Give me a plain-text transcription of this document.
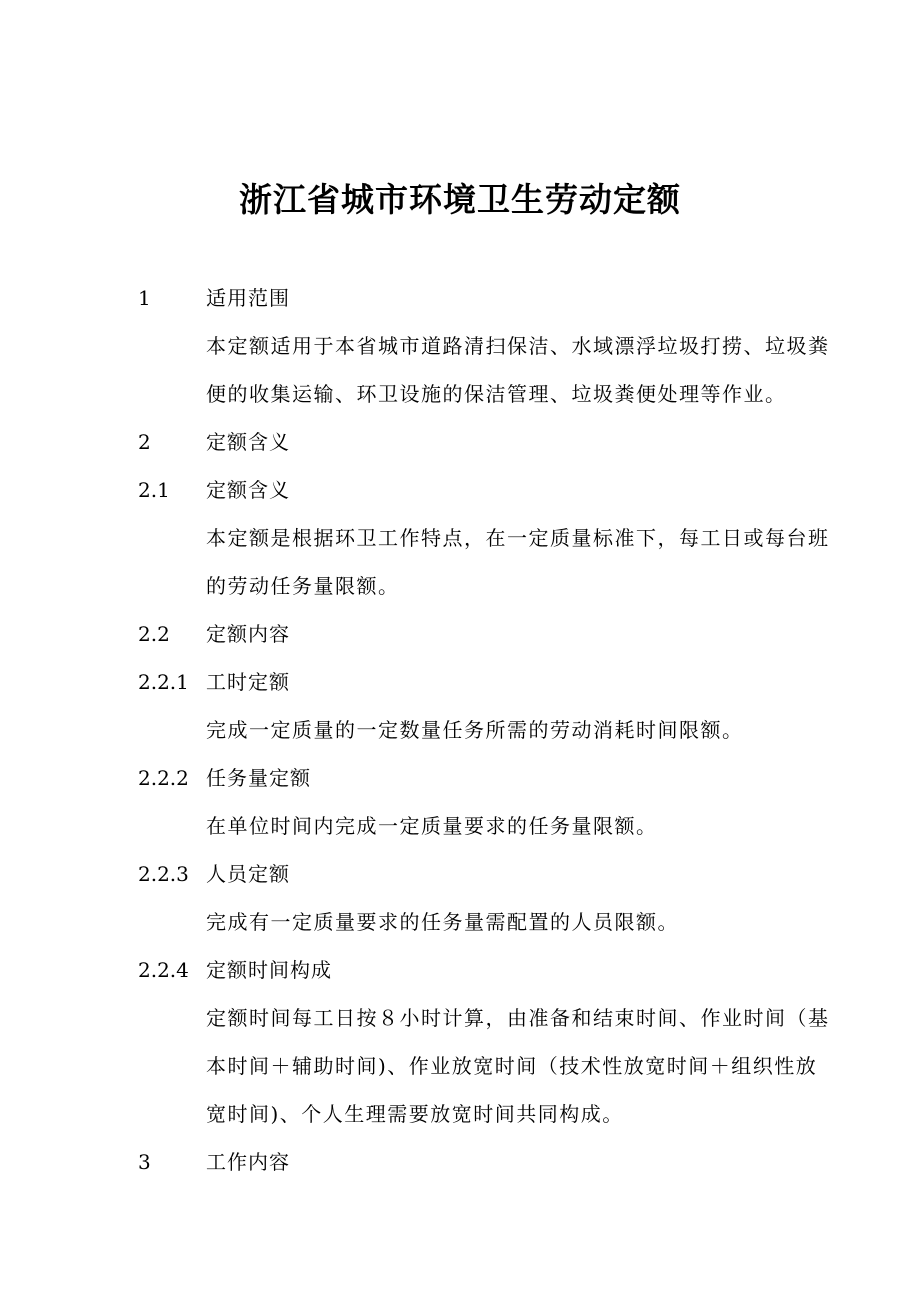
浙江省城市环境卫生劳动定额
1	适用范围
本定额适用于本省城市道路清扫保洁、水域漂浮垃圾打捞、垃圾粪
便的收集运输、环卫设施的保洁管理、垃圾粪便处理等作业。
2	定额含义
2.1 定额含义
本定额是根据环卫工作特点，在一定质量标准下，每工日或每台班
的劳动任务量限额。
2.2 定额内容
2.2.1 工时定额
完成一定质量的一定数量任务所需的劳动消耗时间限额。
2.2.2 任务量定额
在单位时间内完成一定质量要求的任务量限额。
2.2.3 人员定额
完成有一定质量要求的任务量需配置的人员限额。
2.2.4 定额时间构成
定额时间每工日按８小时计算，由准备和结束时间、作业时间（基
本时间＋辅助时间)、作业放宽时间（技术性放宽时间＋组织性放
宽时间)、个人生理需要放宽时间共同构成。
3	工作内容
